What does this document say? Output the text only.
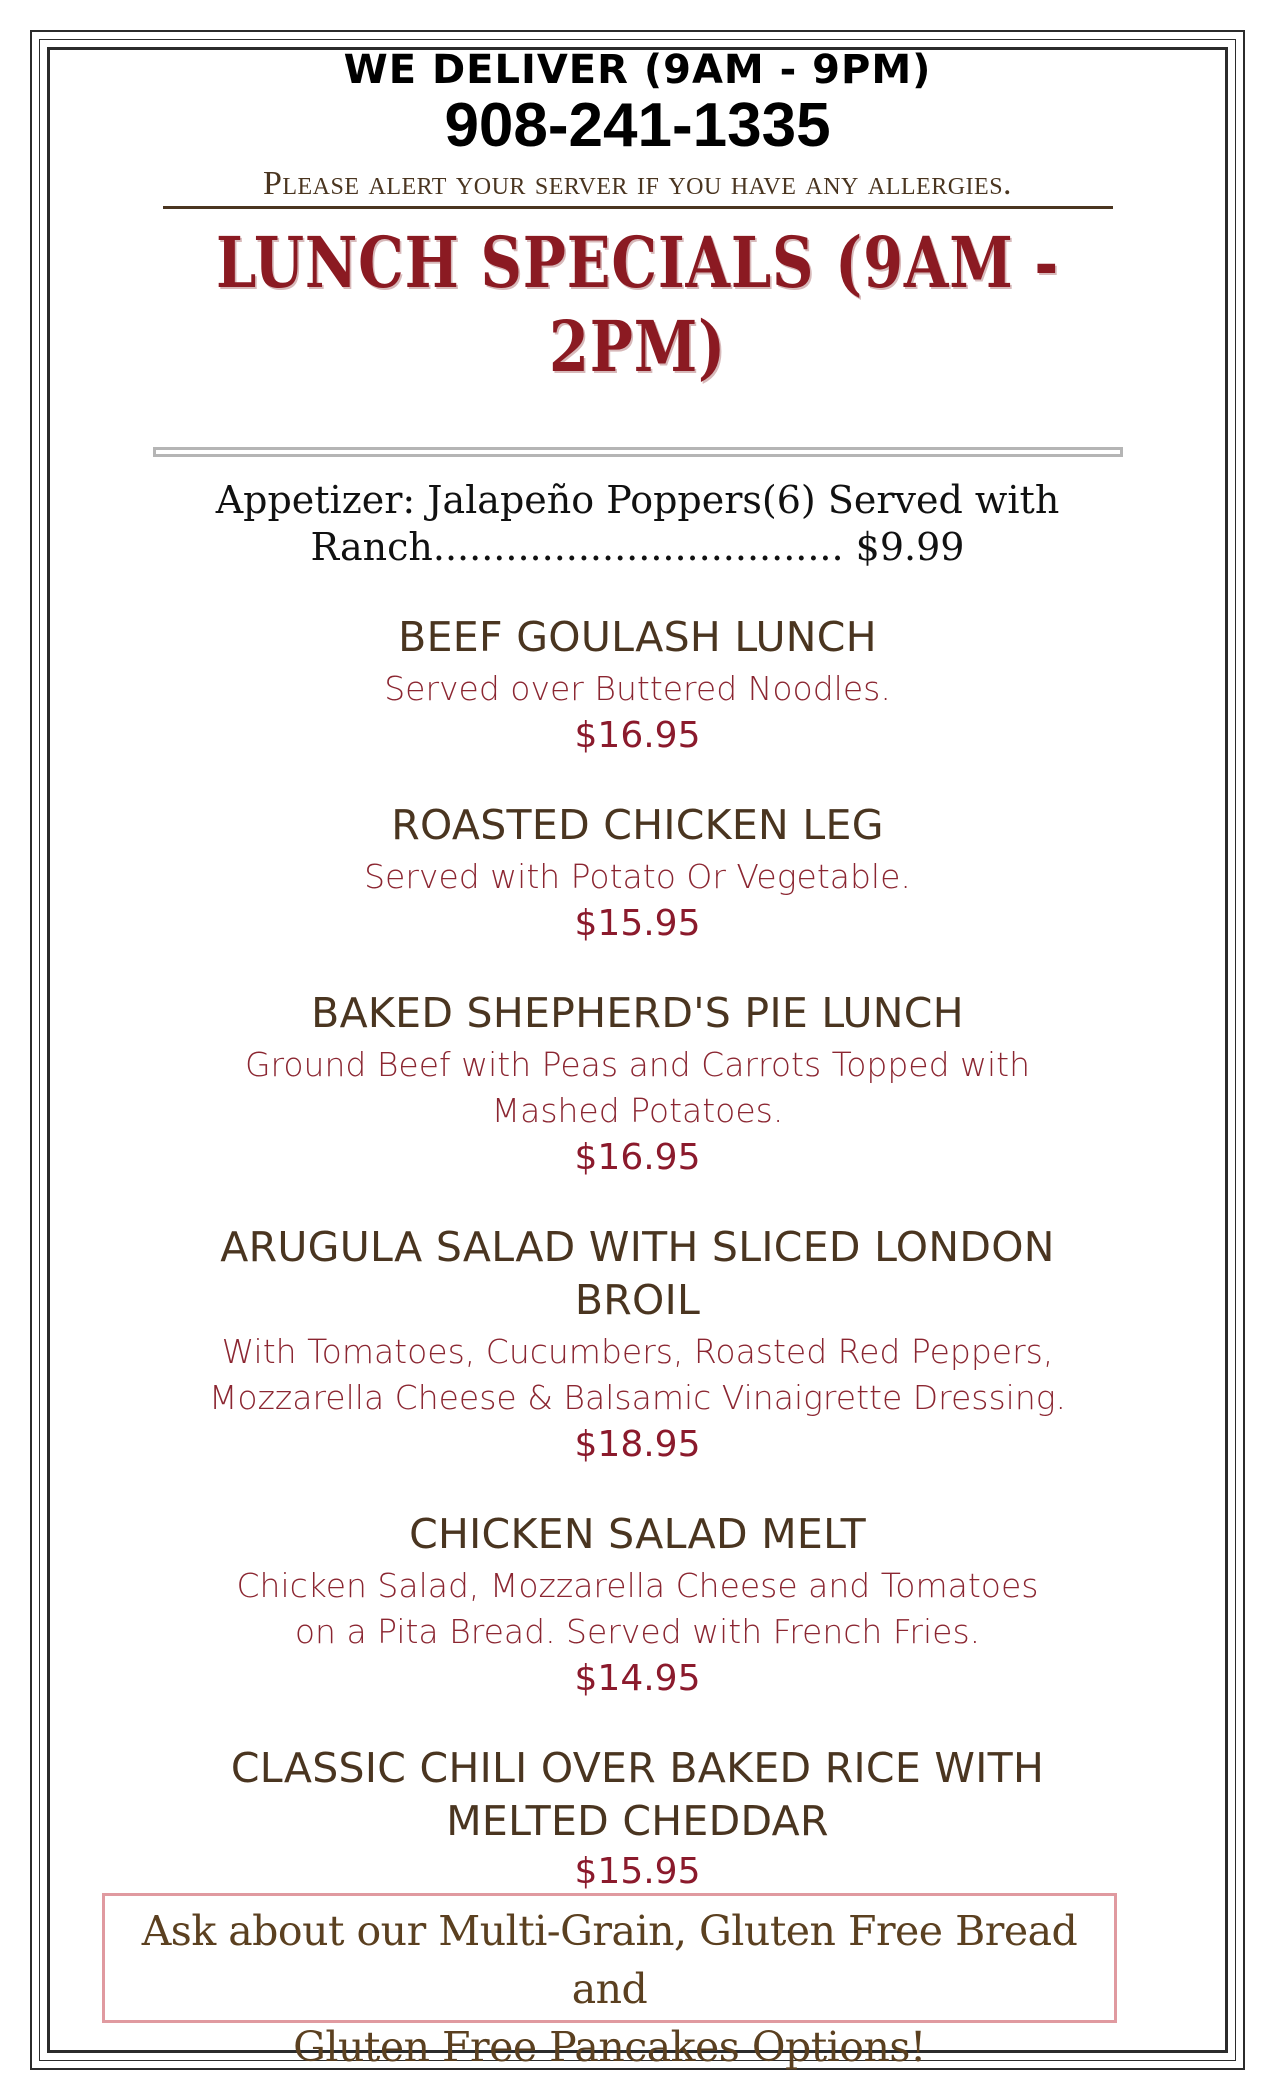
WE DELIVER (9AM - 9PM)
908-241-1335
Please alert your server if you have any allergies.
LUNCH SPECIALS (9AM - 2PM)
Appetizer: Jalapeño Poppers(6) Served with
Ranch.................................. $9.99
BEEF GOULASH LUNCH
Served over Buttered Noodles.
$16.95
ROASTED CHICKEN LEG
Served with Potato Or Vegetable.
$15.95
BAKED SHEPHERD'S PIE LUNCH
Ground Beef with Peas and Carrots Topped with
Mashed Potatoes.
$16.95
ARUGULA SALAD WITH SLICED LONDON
BROIL
With Tomatoes, Cucumbers, Roasted Red Peppers,
Mozzarella Cheese & Balsamic Vinaigrette Dressing.
$18.95
CHICKEN SALAD MELT
Chicken Salad, Mozzarella Cheese and Tomatoes
on a Pita Bread. Served with French Fries.
$14.95
CLASSIC CHILI OVER BAKED RICE WITH
MELTED CHEDDAR
$15.95
Ask about our Multi-Grain, Gluten Free Bread and
Gluten Free Pancakes Options!
